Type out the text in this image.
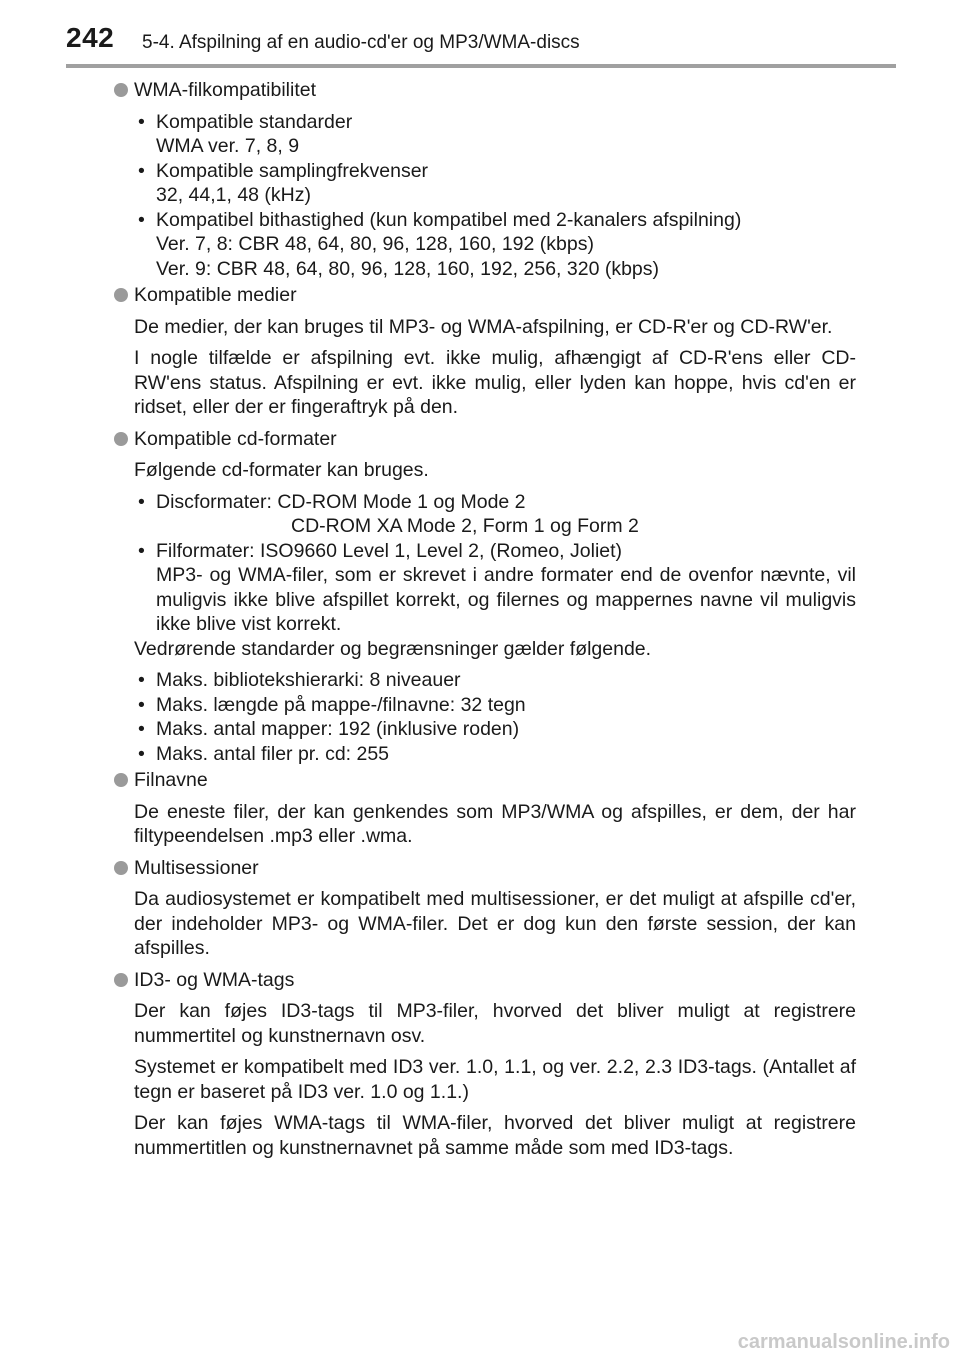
242 5-4. Afspilning af en audio-cd'er og MP3/WMA-discs
WMA-filkompatibilitet
• Kompatible standarder
WMA ver. 7, 8, 9
• Kompatible samplingfrekvenser
32, 44,1, 48 (kHz)
• Kompatibel bithastighed (kun kompatibel med 2-kanalers afspilning)
Ver. 7, 8: CBR 48, 64, 80, 96, 128, 160, 192 (kbps)
Ver. 9: CBR 48, 64, 80, 96, 128, 160, 192, 256, 320 (kbps)
Kompatible medier

De medier, der kan bruges til MP3- og WMA-afspilning, er CD-R'er og CD-RW'er.

I nogle tilfælde er afspilning evt. ikke mulig, afhængigt af CD-R'ens eller CD-RW'ens status. Afspilning er evt. ikke mulig, eller lyden kan hoppe, hvis cd'en er ridset, eller der er fingeraftryk på den.

Kompatible cd-formater

Følgende cd-formater kan bruges.

• Discformater: CD-ROM Mode 1 og Mode 2
CD-ROM XA Mode 2, Form 1 og Form 2
• Filformater: ISO9660 Level 1, Level 2, (Romeo, Joliet)
MP3- og WMA-filer, som er skrevet i andre formater end de ovenfor nævnte, vil muligvis ikke blive afspillet korrekt, og filernes og mappernes navne vil muligvis ikke blive vist korrekt.

Vedrørende standarder og begrænsninger gælder følgende.

• Maks. bibliotekshierarki: 8 niveauer
• Maks. længde på mappe-/filnavne: 32 tegn
• Maks. antal mapper: 192 (inklusive roden)
• Maks. antal filer pr. cd: 255
Filnavne

De eneste filer, der kan genkendes som MP3/WMA og afspilles, er dem, der har filtypeendelsen .mp3 eller .wma.

Multisessioner

Da audiosystemet er kompatibelt med multisessioner, er det muligt at afspille cd'er, der indeholder MP3- og WMA-filer. Det er dog kun den første session, der kan afspilles.

ID3- og WMA-tags

Der kan føjes ID3-tags til MP3-filer, hvorved det bliver muligt at registrere nummertitel og kunstnernavn osv.

Systemet er kompatibelt med ID3 ver. 1.0, 1.1, og ver. 2.2, 2.3 ID3-tags. (Antallet af tegn er baseret på ID3 ver. 1.0 og 1.1.)

Der kan føjes WMA-tags til WMA-filer, hvorved det bliver muligt at registrere nummertitlen og kunstnernavnet på samme måde som med ID3-tags.

carmanualsonline.info
